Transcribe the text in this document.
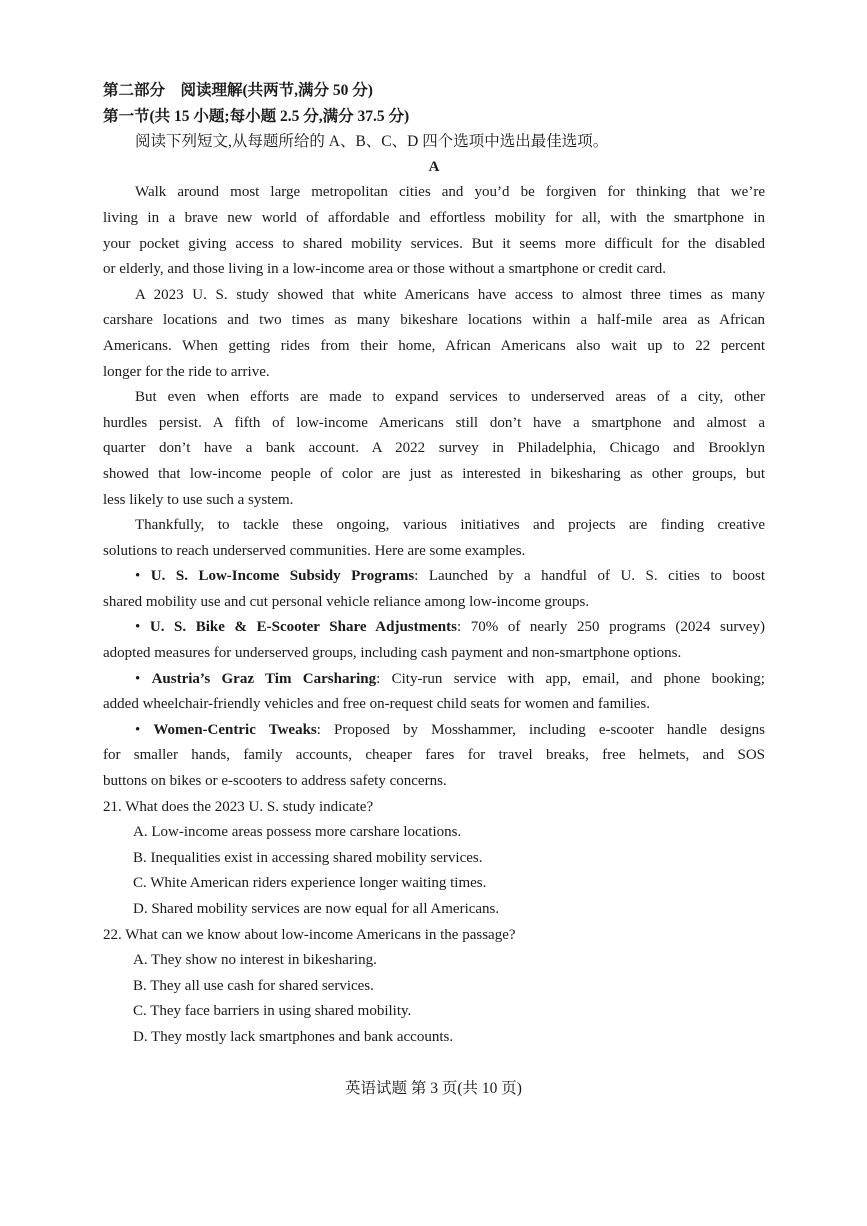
第二部分　阅读理解(共两节,满分 50 分)
第一节(共 15 小题;每小题 2.5 分,满分 37.5 分)
阅读下列短文,从每题所给的 A、B、C、D 四个选项中选出最佳选项。
A
Walk around most large metropolitan cities and you’d be forgiven for thinking that we’re
living in a brave new world of affordable and effortless mobility for all, with the smartphone in
your pocket giving access to shared mobility services. But it seems more difficult for the disabled
or elderly, and those living in a low-income area or those without a smartphone or credit card.
A 2023 U. S. study showed that white Americans have access to almost three times as many
carshare locations and two times as many bikeshare locations within a half-mile area as African
Americans. When getting rides from their home, African Americans also wait up to 22 percent
longer for the ride to arrive.
But even when efforts are made to expand services to underserved areas of a city, other
hurdles persist. A fifth of low-income Americans still don’t have a smartphone and almost a
quarter don’t have a bank account. A 2022 survey in Philadelphia, Chicago and Brooklyn
showed that low-income people of color are just as interested in bikesharing as other groups, but
less likely to use such a system.
Thankfully, to tackle these ongoing, various initiatives and projects are finding creative
solutions to reach underserved communities. Here are some examples.
• U. S. Low-Income Subsidy Programs: Launched by a handful of U. S. cities to boost
shared mobility use and cut personal vehicle reliance among low-income groups.
• U. S. Bike & E-Scooter Share Adjustments: 70% of nearly 250 programs (2024 survey)
adopted measures for underserved groups, including cash payment and non-smartphone options.
• Austria’s Graz Tim Carsharing: City-run service with app, email, and phone booking;
added wheelchair-friendly vehicles and free on-request child seats for women and families.
• Women-Centric Tweaks: Proposed by Mosshammer, including e-scooter handle designs
for smaller hands, family accounts, cheaper fares for travel breaks, free helmets, and SOS
buttons on bikes or e-scooters to address safety concerns.
21. What does the 2023 U. S. study indicate?
A. Low-income areas possess more carshare locations.
B. Inequalities exist in accessing shared mobility services.
C. White American riders experience longer waiting times.
D. Shared mobility services are now equal for all Americans.
22. What can we know about low-income Americans in the passage?
A. They show no interest in bikesharing.
B. They all use cash for shared services.
C. They face barriers in using shared mobility.
D. They mostly lack smartphones and bank accounts.
英语试题 第 3 页(共 10 页)
